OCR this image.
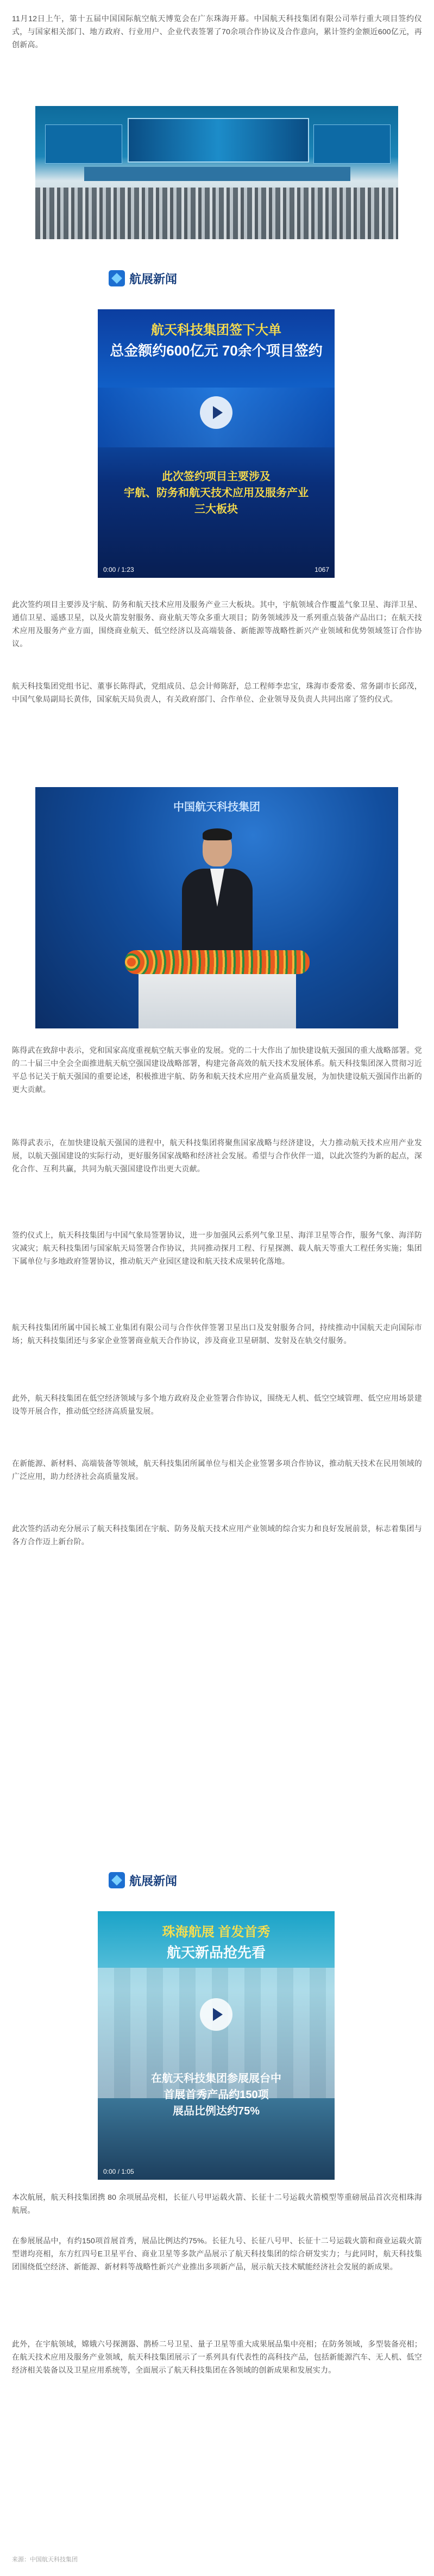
11月12日上午，第十五届中国国际航空航天博览会在广东珠海开幕。中国航天科技集团有限公司举行重大项目签约仪式，与国家相关部门、地方政府、行业用户、企业代表签署了70余项合作协议及合作意向，累计签约金额近600亿元，再创新高。

航展新闻
航天科技集团签下大单
总金额约600亿元 70余个项目签约
此次签约项目主要涉及
宇航、防务和航天技术应用及服务产业
三大板块
0:00 / 1:23	1067

此次签约项目主要涉及宇航、防务和航天技术应用及服务产业三大板块。其中，宇航领域合作覆盖气象卫星、海洋卫星、通信卫星、遥感卫星，以及火箭发射服务、商业航天等众多重大项目；防务领域涉及一系列重点装备产品出口；在航天技术应用及服务产业方面，围绕商业航天、低空经济以及高端装备、新能源等战略性新兴产业领域和优势领域签订合作协议。

航天科技集团党组书记、董事长陈得武，党组成员、总会计师陈舒，总工程师李忠宝，珠海市委常委、常务副市长邱茂，中国气象局副局长黄伟，国家航天局负责人，有关政府部门、合作单位、企业领导及负责人共同出席了签约仪式。

中国航天科技集团

陈得武在致辞中表示，党和国家高度重视航空航天事业的发展。党的二十大作出了加快建设航天强国的重大战略部署。党的二十届三中全会全面推进航天航空强国建设战略部署，构建完备高效的航天技术发展体系。航天科技集团深入贯彻习近平总书记关于航天强国的重要论述，积极推进宇航、防务和航天技术应用产业高质量发展，为加快建设航天强国作出新的更大贡献。

陈得武表示，在加快建设航天强国的进程中，航天科技集团将聚焦国家战略与经济建设，大力推动航天技术应用产业发展，以航天强国建设的实际行动，更好服务国家战略和经济社会发展。希望与合作伙伴一道，以此次签约为新的起点，深化合作、互利共赢，共同为航天强国建设作出更大贡献。

签约仪式上，航天科技集团与中国气象局签署协议，进一步加强风云系列气象卫星、海洋卫星等合作，服务气象、海洋防灾减灾；航天科技集团与国家航天局签署合作协议，共同推动探月工程、行星探测、载人航天等重大工程任务实施；集团下属单位与多地政府签署协议，推动航天产业园区建设和航天技术成果转化落地。

航天科技集团所属中国长城工业集团有限公司与合作伙伴签署卫星出口及发射服务合同，持续推动中国航天走向国际市场；航天科技集团还与多家企业签署商业航天合作协议，涉及商业卫星研制、发射及在轨交付服务。

此外，航天科技集团在低空经济领域与多个地方政府及企业签署合作协议，围绕无人机、低空空域管理、低空应用场景建设等开展合作，推动低空经济高质量发展。

在新能源、新材料、高端装备等领域，航天科技集团所属单位与相关企业签署多项合作协议，推动航天技术在民用领域的广泛应用，助力经济社会高质量发展。

此次签约活动充分展示了航天科技集团在宇航、防务及航天技术应用产业领域的综合实力和良好发展前景，标志着集团与各方合作迈上新台阶。

航展新闻
珠海航展 首发首秀
航天新品抢先看
在航天科技集团参展展台中
首展首秀产品约150项
展品比例达约75%
0:00 / 1:05

本次航展，航天科技集团携 80 余项展品亮相，长征八号甲运载火箭、长征十二号运载火箭模型等重磅展品首次亮相珠海航展。

在参展展品中，有约150项首展首秀，展品比例达约75%。长征九号、长征八号甲、长征十二号运载火箭和商业运载火箭型谱均亮相，东方红四号E卫星平台、商业卫星等多款产品展示了航天科技集团的综合研发实力；与此同时，航天科技集团围绕低空经济、新能源、新材料等战略性新兴产业推出多项新产品，展示航天技术赋能经济社会发展的新成果。

此外，在宇航领域，嫦娥六号探测器、鹊桥二号卫星、量子卫星等重大成果展品集中亮相；在防务领域，多型装备亮相；在航天技术应用及服务产业领域，航天科技集团展示了一系列具有代表性的高科技产品，包括新能源汽车、无人机、低空经济相关装备以及卫星应用系统等，全面展示了航天科技集团在各领域的创新成果和发展实力。

来源：中国航天科技集团
